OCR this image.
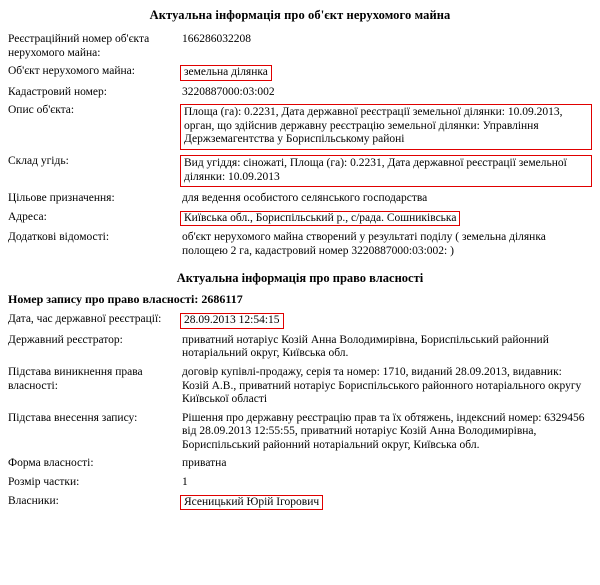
Актуальна інформація про об'єкт нерухомого майна
Реєстраційний номер об'єкта нерухомого майна:	166286032208
Об'єкт нерухомого майна:	земельна ділянка
Кадастровий номер:	3220887000:03:002
Опис об'єкта:	Площа (га): 0.2231, Дата державної реєстрації земельної ділянки: 10.09.2013, орган, що здійснив державну реєстрацію земельної ділянки: Управління Держземагентства у Бориспільському районі

Склад угідь:	Вид угіддя: сіножаті, Площа (га): 0.2231, Дата державної реєстрації земельної ділянки: 10.09.2013

Цільове призначення:	для ведення особистого селянського господарства
Адреса:	Київська обл., Бориспільський р., с/рада. Сошниківська
Додаткові відомості:	об'єкт нерухомого майна створений у результаті поділу ( земельна ділянка полощею 2 га, кадастровий номер 3220887000:03:002: )
Актуальна інформація про право власності
Номер запису про право власності: 2686117
Дата, час державної реєстрації:	28.09.2013 12:54:15
Державний реєстратор:	приватний нотаріус Козій Анна Володимирівна, Бориспільський районний нотаріальний округ, Київська обл.
Підстава виникнення права власності:	договір купівлі-продажу, серія та номер: 1710, виданий 28.09.2013, видавник: Козій А.В., приватний нотаріус Бориспільського районного нотаріального округу Київської області
Підстава внесення запису:	Рішення про державну реєстрацію прав та їх обтяжень, індексний номер: 6329456 від 28.09.2013 12:55:55, приватний нотаріус Козій Анна Володимирівна, Бориспільський районний нотаріальний округ, Київська обл.
Форма власності:	приватна
Розмір частки:	1
Власники:	Ясеницький Юрій Ігорович
